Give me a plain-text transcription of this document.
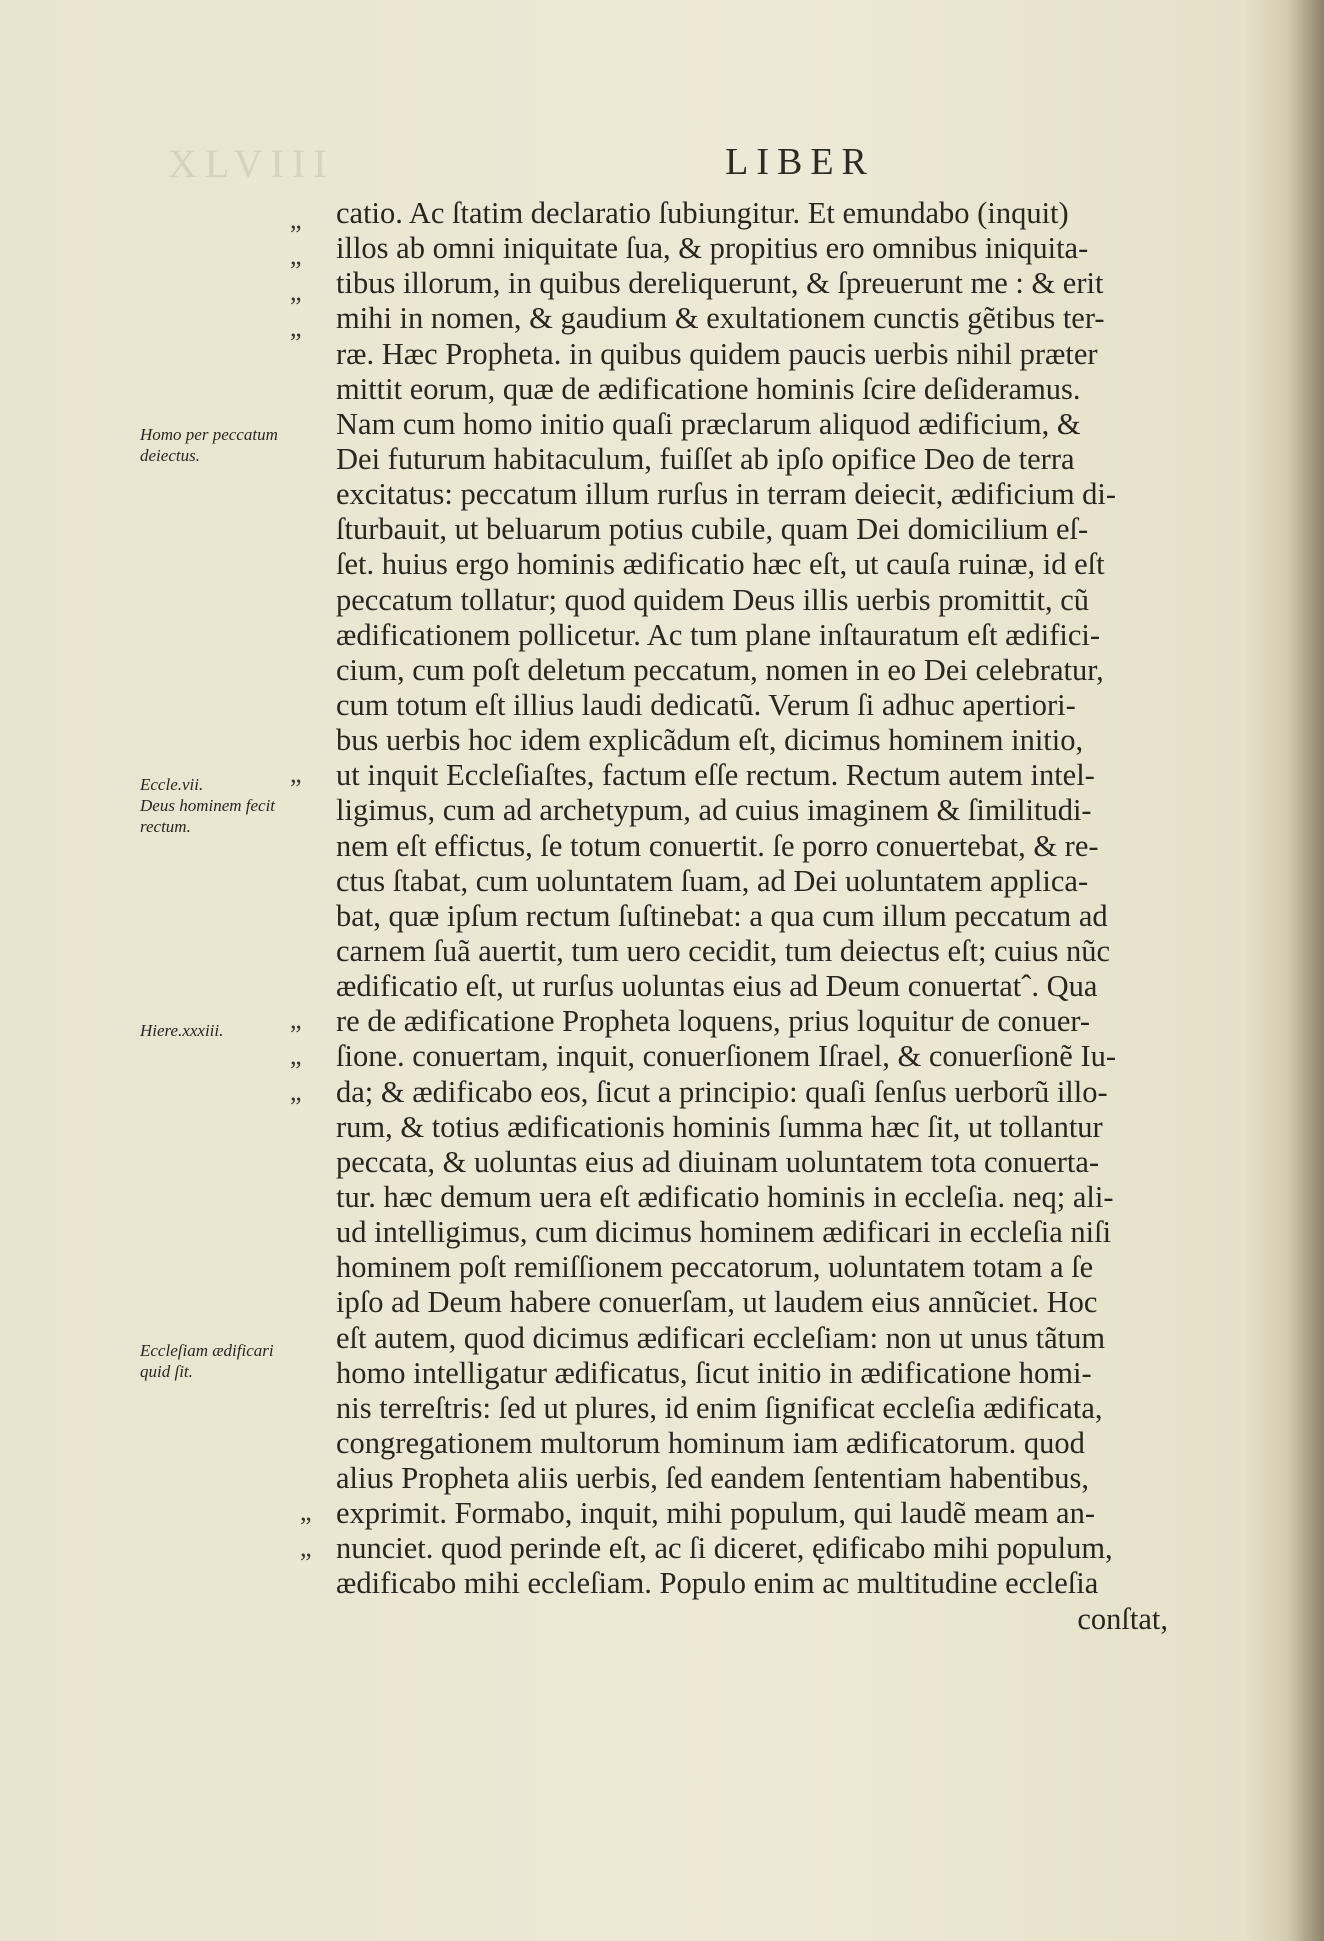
XLVIII	LIBER
Homo per peccatum
deiectus.
Eccle.vii.
Deus hominem fecit
rectum.
Hiere.xxxiii.
Eccleſiam ædificari
quid ſit.
”
”
”
”
”
”
”
”
”
”
catio. Ac ſtatim declaratio ſubiungitur. Et emundabo (inquit)
illos ab omni iniquitate ſua, & propitius ero omnibus iniquita-
tibus illorum, in quibus dereliquerunt, & ſpreuerunt me : & erit
mihi in nomen, & gaudium & exultationem cunctis gẽtibus ter-
ræ. Hæc Propheta. in quibus quidem paucis uerbis nihil præter
mittit eorum, quæ de ædificatione hominis ſcire deſideramus.
Nam cum homo initio quaſi præclarum aliquod ædificium, &
Dei futurum habitaculum, fuiſſet ab ipſo opifice Deo de terra
excitatus: peccatum illum rurſus in terram deiecit, ædificium di-
ſturbauit, ut beluarum potius cubile, quam Dei domicilium eſ-
ſet. huius ergo hominis ædificatio hæc eſt, ut cauſa ruinæ, id eſt
peccatum tollatur; quod quidem Deus illis uerbis promittit, cũ
ædificationem pollicetur. Ac tum plane inſtauratum eſt ædifici-
cium, cum poſt deletum peccatum, nomen in eo Dei celebratur,
cum totum eſt illius laudi dedicatũ. Verum ſi adhuc apertiori-
bus uerbis hoc idem explicãdum eſt, dicimus hominem initio,
ut inquit Eccleſiaſtes, factum eſſe rectum. Rectum autem intel-
ligimus, cum ad archetypum, ad cuius imaginem & ſimilitudi-
nem eſt effictus, ſe totum conuertit. ſe porro conuertebat, & re-
ctus ſtabat, cum uoluntatem ſuam, ad Dei uoluntatem applica-
bat, quæ ipſum rectum ſuſtinebat: a qua cum illum peccatum ad
carnem ſuã auertit, tum uero cecidit, tum deiectus eſt; cuius nũc
ædificatio eſt, ut rurſus uoluntas eius ad Deum conuertatˆ. Qua
re de ædificatione Propheta loquens, prius loquitur de conuer-
ſione. conuertam, inquit, conuerſionem Iſrael, & conuerſionẽ Iu-
da; & ædificabo eos, ſicut a principio: quaſi ſenſus uerborũ illo-
rum, & totius ædificationis hominis ſumma hæc ſit, ut tollantur
peccata, & uoluntas eius ad diuinam uoluntatem tota conuerta-
tur. hæc demum uera eſt ædificatio hominis in eccleſia. neq; ali-
ud intelligimus, cum dicimus hominem ædificari in eccleſia niſi
hominem poſt remiſſionem peccatorum, uoluntatem totam a ſe
ipſo ad Deum habere conuerſam, ut laudem eius annũciet. Hoc
eſt autem, quod dicimus ædificari eccleſiam: non ut unus tãtum
homo intelligatur ædificatus, ſicut initio in ædificatione homi-
nis terreſtris: ſed ut plures, id enim ſignificat eccleſia ædificata,
congregationem multorum hominum iam ædificatorum. quod
alius Propheta aliis uerbis, ſed eandem ſententiam habentibus,
exprimit. Formabo, inquit, mihi populum, qui laudẽ meam an-
nunciet. quod perinde eſt, ac ſi diceret, ędificabo mihi populum,
ædificabo mihi eccleſiam. Populo enim ac multitudine eccleſia
conſtat,
